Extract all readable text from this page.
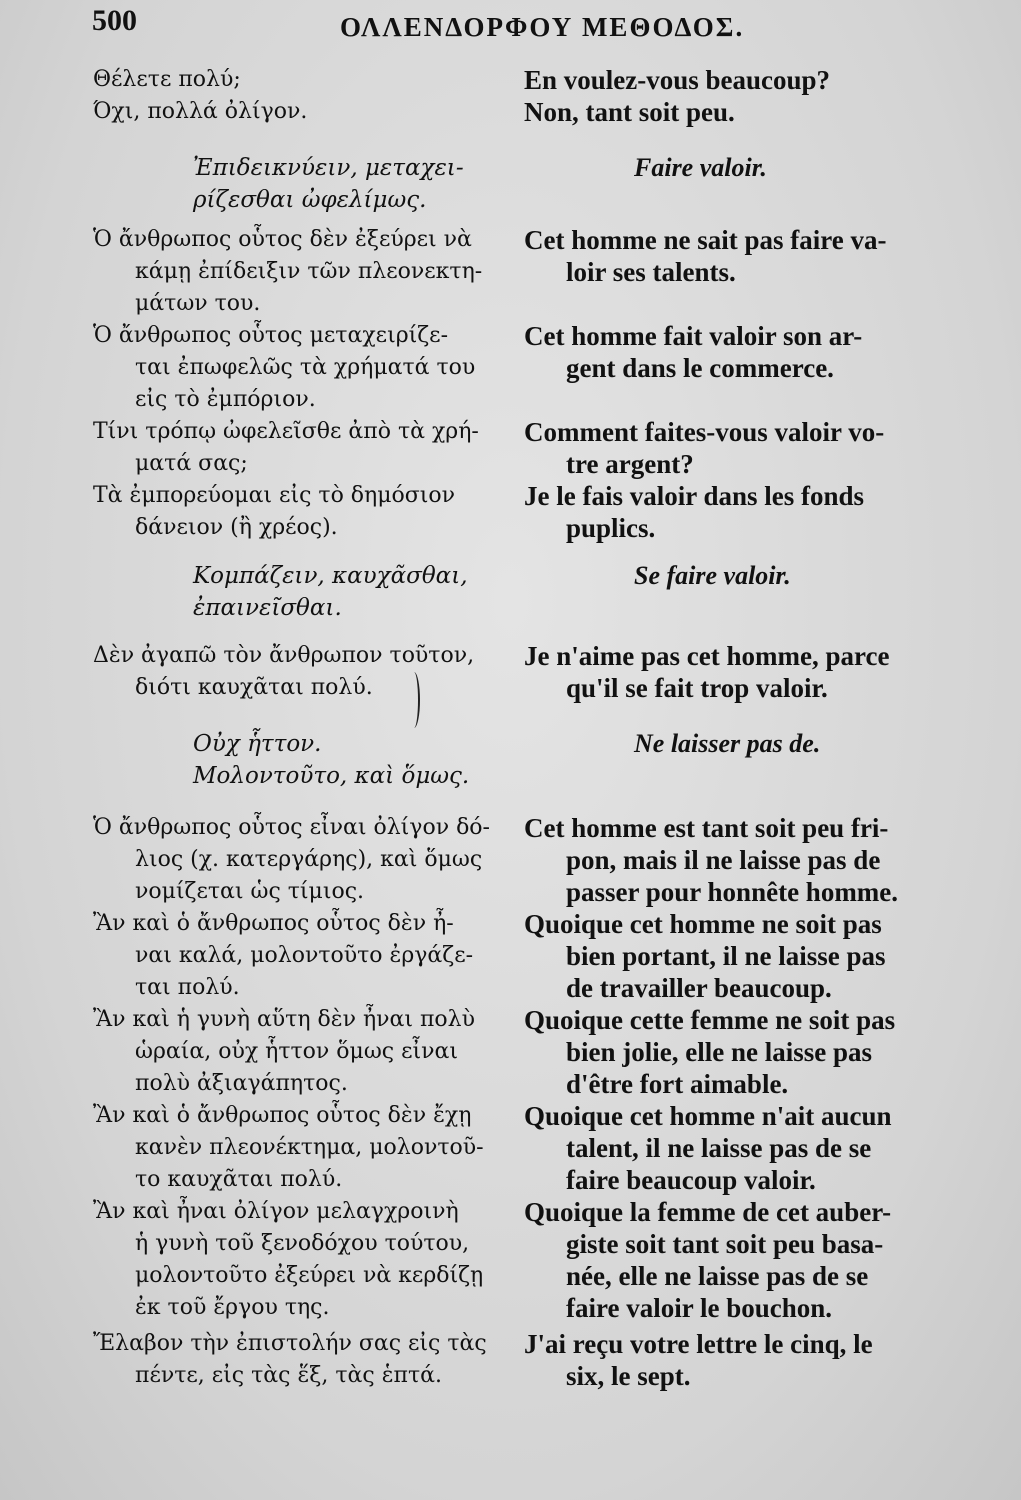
500	ΟΛΛΕΝΔΟΡΦΟΥ ΜΕΘΟΔΟΣ.
Θέλετε πολύ;
Όχι, πολλά ὀλίγον.
Ἐπιδεικνύειν, μεταχει-
ρίζεσθαι ὠφελίμως.
Ὁ ἄνθρωπος οὗτος δὲν ἐξεύρει νὰ
κάμῃ ἐπίδειξιν τῶν πλεονεκτη-
μάτων του.
Ὁ ἄνθρωπος οὗτος μεταχειρίζε-
ται ἐπωφελῶς τὰ χρήματά του
εἰς τὸ ἐμπόριον.
Τίνι τρόπῳ ὠφελεῖσθε ἀπὸ τὰ χρή-
ματά σας;
Τὰ ἐμπορεύομαι εἰς τὸ δημόσιον
δάνειον (ἢ χρέος).
Κομπάζειν, καυχᾶσθαι,
ἐπαινεῖσθαι.
Δὲν ἀγαπῶ τὸν ἄνθρωπον τοῦτον,
διότι καυχᾶται πολύ.
Οὐχ ἧττον.
Μολοντοῦτο, καὶ ὅμως.
Ὁ ἄνθρωπος οὗτος εἶναι ὀλίγον δό-
λιος (χ. κατεργάρης), καὶ ὅμως
νομίζεται ὡς τίμιος.
Ἂν καὶ ὁ ἄνθρωπος οὗτος δὲν ἦ-
ναι καλά, μολοντοῦτο ἐργάζε-
ται πολύ.
Ἂν καὶ ἡ γυνὴ αὕτη δὲν ἦναι πολὺ
ὡραία, οὐχ ἧττον ὅμως εἶναι
πολὺ ἀξιαγάπητος.
Ἂν καὶ ὁ ἄνθρωπος οὗτος δὲν ἔχῃ
κανὲν πλεονέκτημα, μολοντοῦ-
το καυχᾶται πολύ.
Ἂν καὶ ἦναι ὀλίγον μελαγχροινὴ
ἡ γυνὴ τοῦ ξενοδόχου τούτου,
μολοντοῦτο ἐξεύρει νὰ κερδίζῃ
ἐκ τοῦ ἔργου της.
Ἔλαβον τὴν ἐπιστολήν σας εἰς τὰς
πέντε, εἰς τὰς ἕξ, τὰς ἑπτά.
En voulez-vous beaucoup?
Non, tant soit peu.
Faire valoir.
Cet homme ne sait pas faire va-
loir ses talents.
Cet homme fait valoir son ar-
gent dans le commerce.
Comment faites-vous valoir vo-
tre argent?
Je le fais valoir dans les fonds
puplics.
Se faire valoir.
Je n'aime pas cet homme, parce
qu'il se fait trop valoir.
Ne laisser pas de.
Cet homme est tant soit peu fri-
pon, mais il ne laisse pas de
passer pour honnête homme.
Quoique cet homme ne soit pas
bien portant, il ne laisse pas
de travailler beaucoup.
Quoique cette femme ne soit pas
bien jolie, elle ne laisse pas
d'être fort aimable.
Quoique cet homme n'ait aucun
talent, il ne laisse pas de se
faire beaucoup valoir.
Quoique la femme de cet auber-
giste soit tant soit peu basa-
née, elle ne laisse pas de se
faire valoir le bouchon.
J'ai reçu votre lettre le cinq, le
six, le sept.
